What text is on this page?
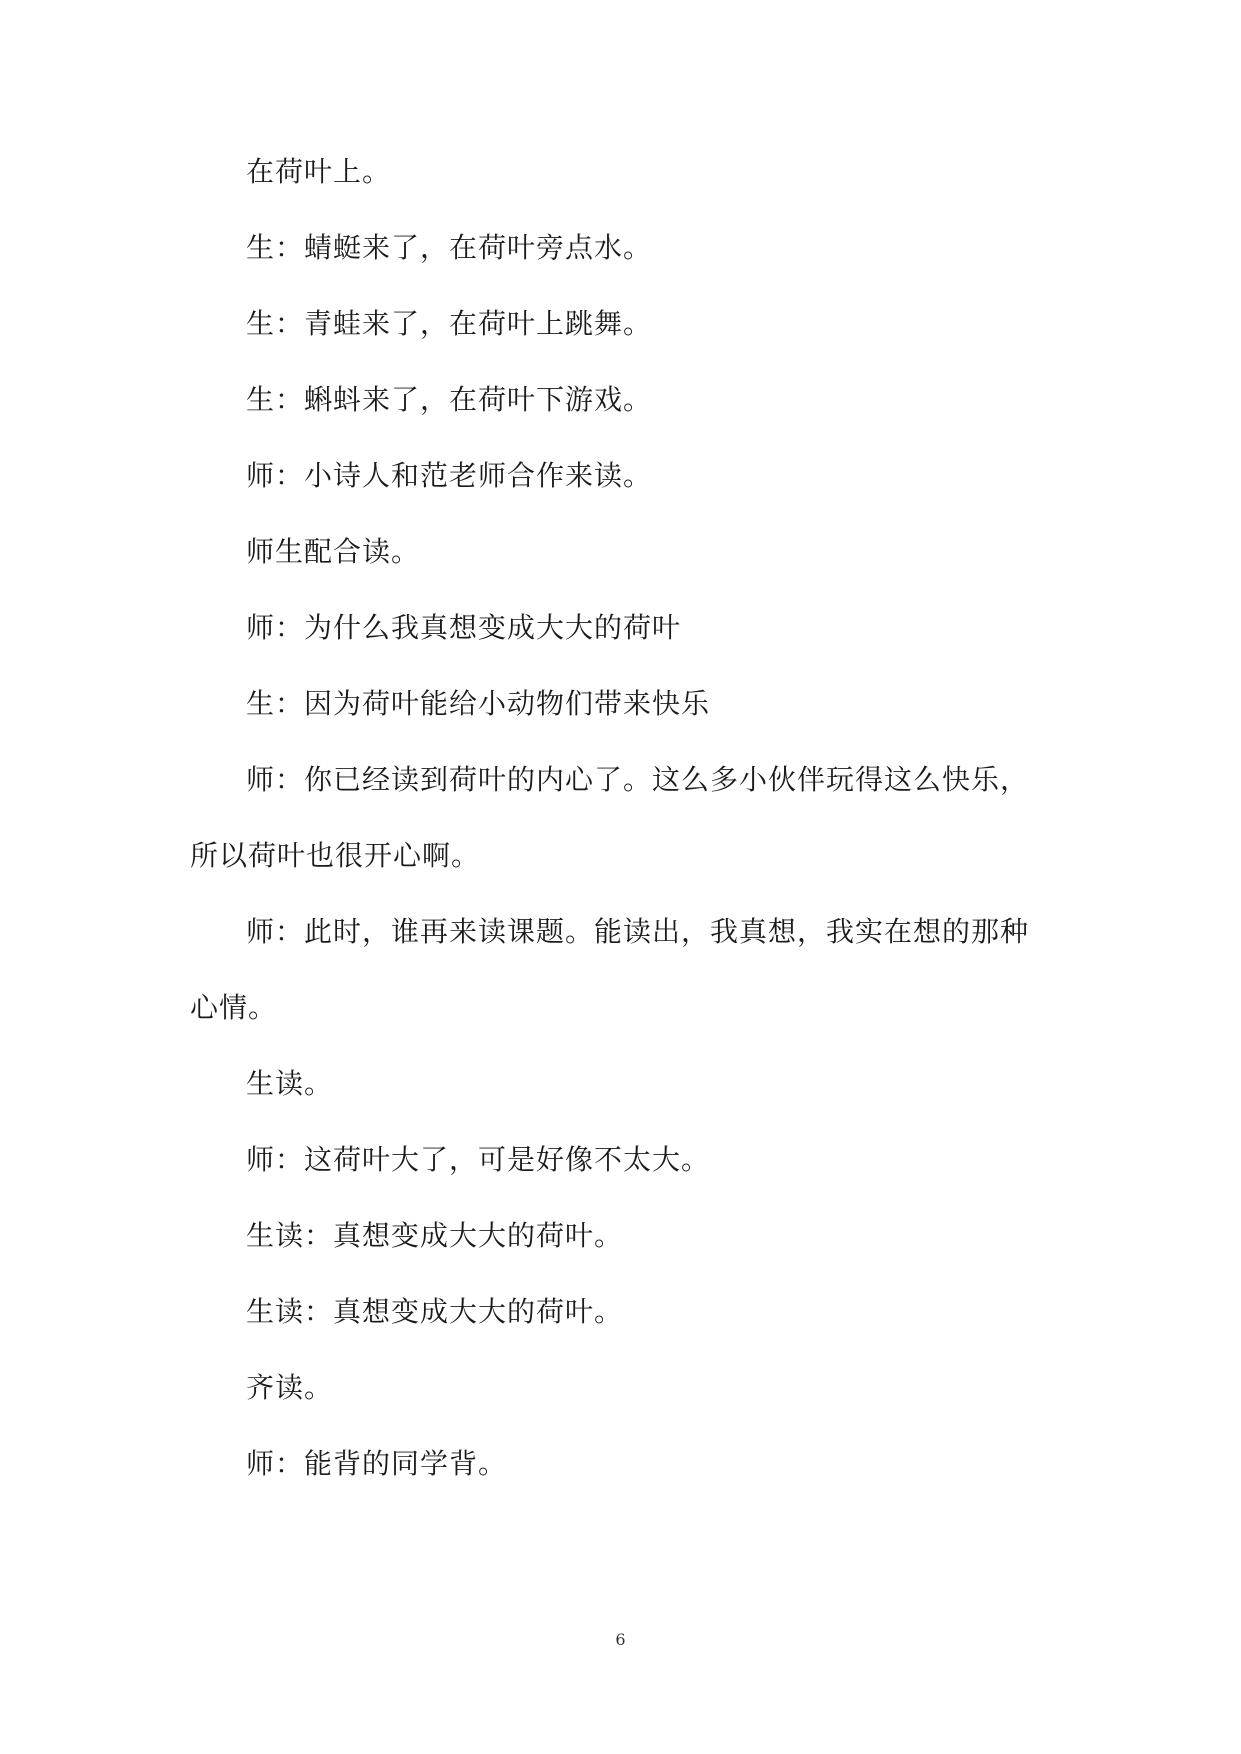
在荷叶上。

生：蜻蜓来了，在荷叶旁点水。

生：青蛙来了，在荷叶上跳舞。

生：蝌蚪来了，在荷叶下游戏。

师：小诗人和范老师合作来读。

师生配合读。

师：为什么我真想变成大大的荷叶

生：因为荷叶能给小动物们带来快乐

师：你已经读到荷叶的内心了。这么多小伙伴玩得这么快乐，所以荷叶也很开心啊。

师：此时，谁再来读课题。能读出，我真想，我实在想的那种心情。

生读。

师：这荷叶大了，可是好像不太大。

生读：真想变成大大的荷叶。

生读：真想变成大大的荷叶。

齐读。

师：能背的同学背。

6
